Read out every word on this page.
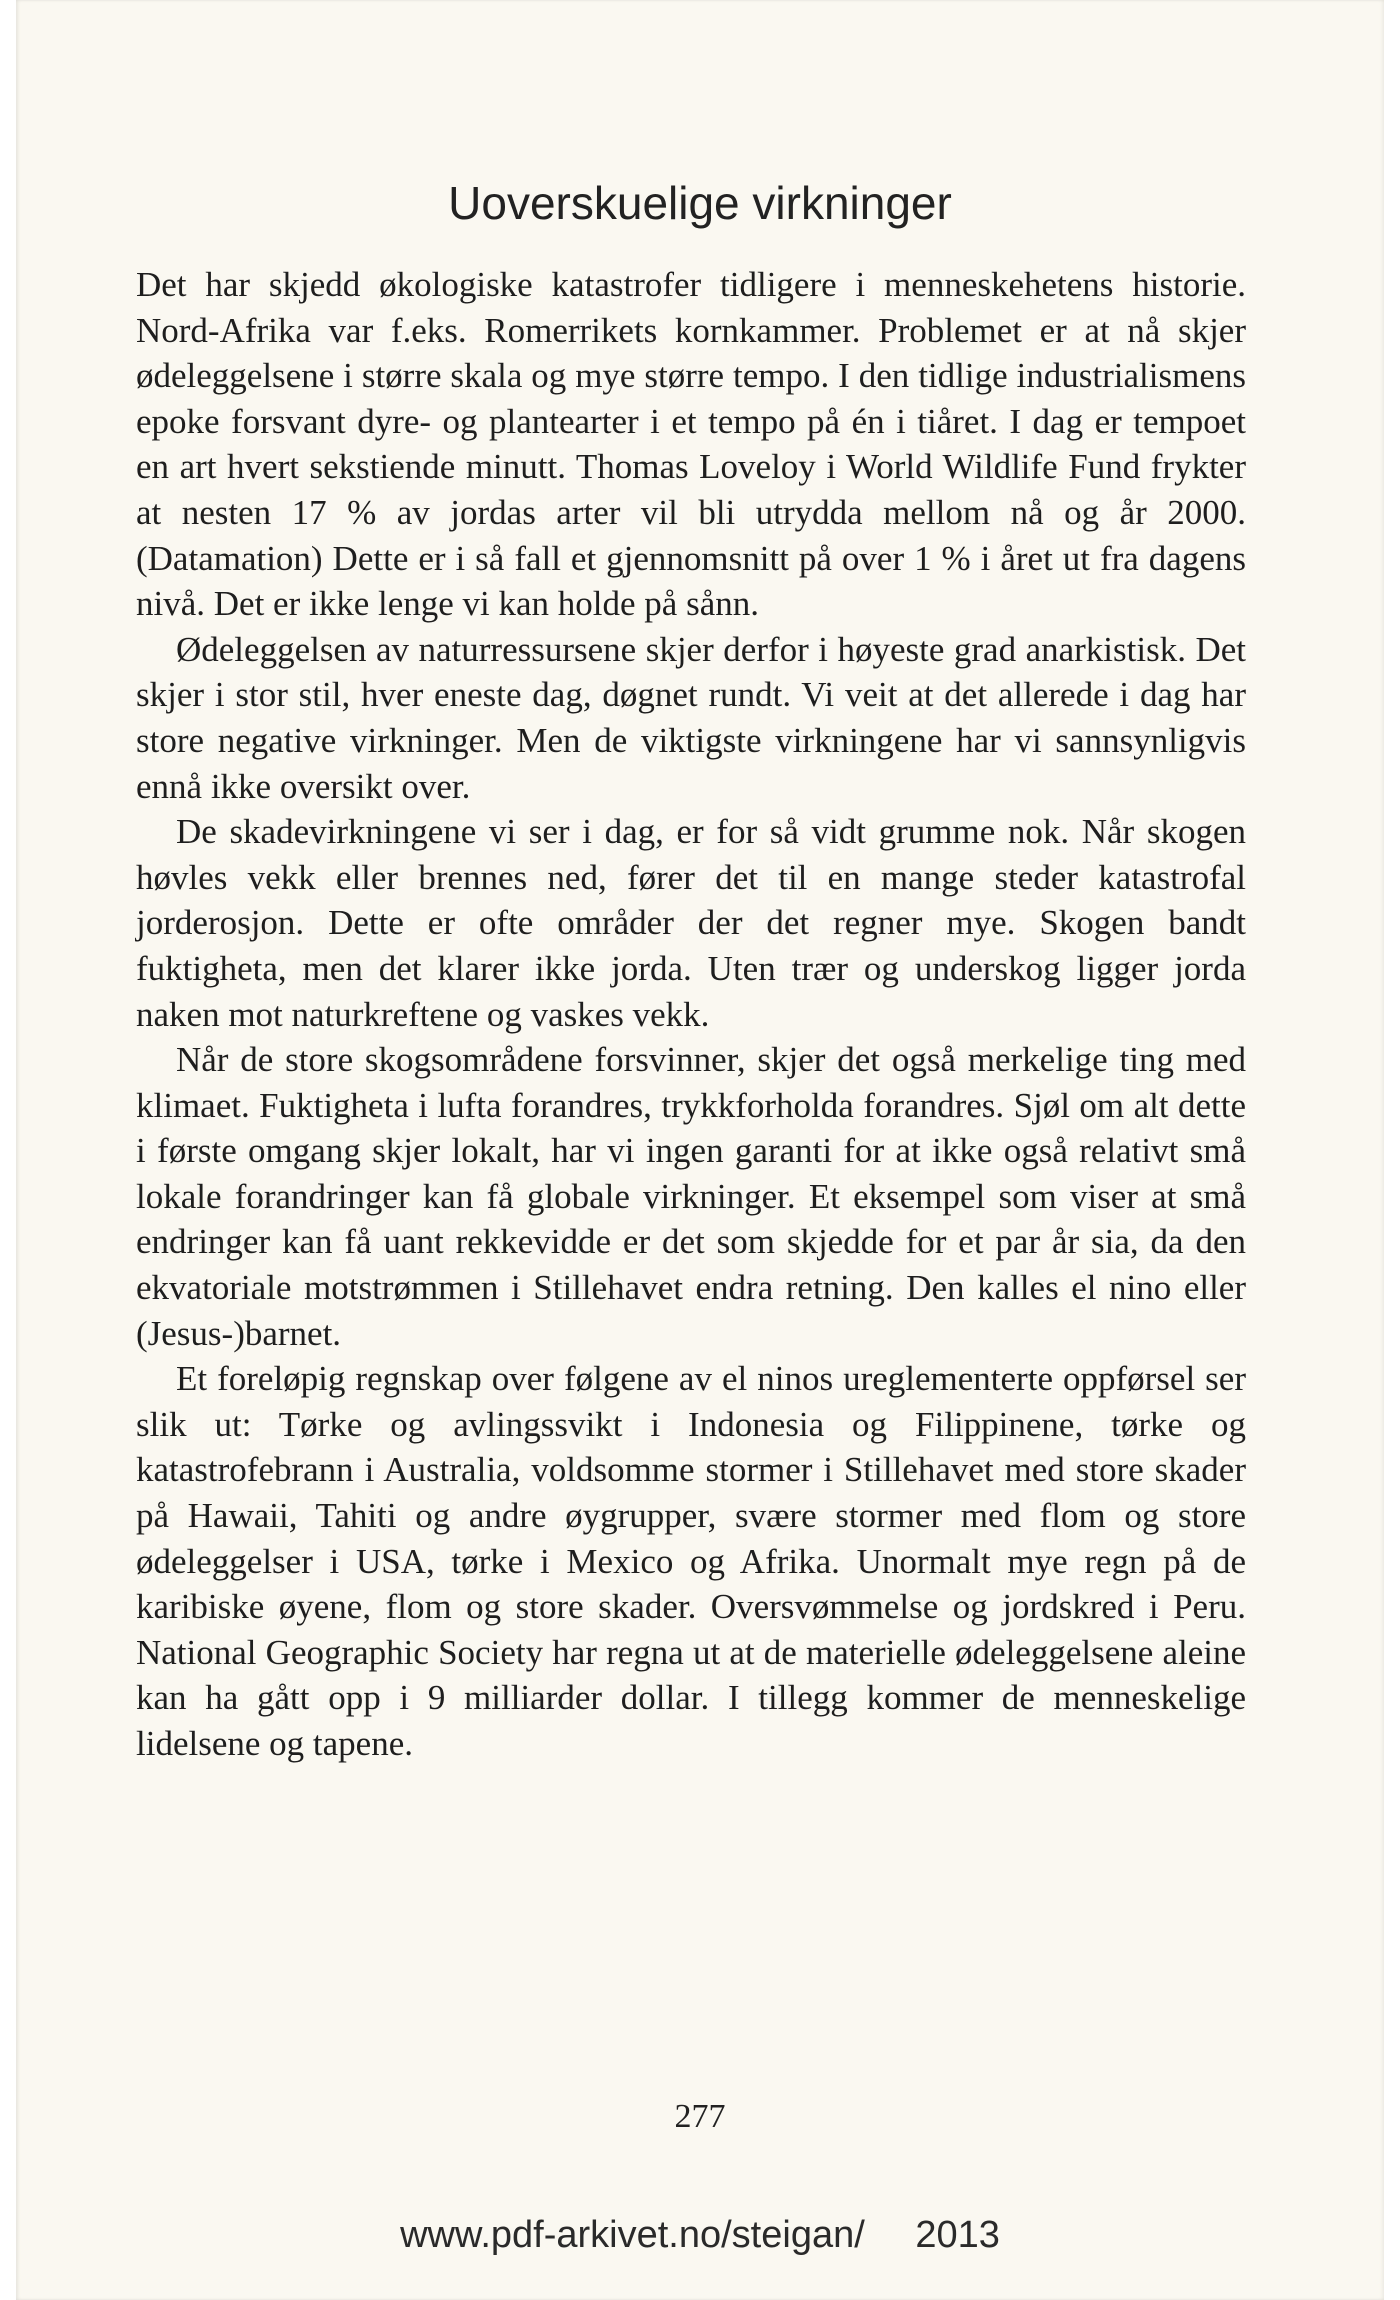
Uoverskuelige virkninger

Det har skjedd økologiske katastrofer tidligere i menneskehetens historie. Nord-Afrika var f.eks. Romerrikets kornkammer. Problemet er at nå skjer ødeleggelsene i større skala og mye større tempo. I den tidlige industrialismens epoke forsvant dyre- og plantearter i et tempo på én i tiåret. I dag er tempoet en art hvert sekstiende minutt. Thomas Loveloy i World Wildlife Fund frykter at nesten 17 % av jordas arter vil bli utrydda mellom nå og år 2000. (Datamation) Dette er i så fall et gjennomsnitt på over 1 % i året ut fra dagens nivå. Det er ikke lenge vi kan holde på sånn.

Ødeleggelsen av naturressursene skjer derfor i høyeste grad anarkistisk. Det skjer i stor stil, hver eneste dag, døgnet rundt. Vi veit at det allerede i dag har store negative virkninger. Men de viktigste virkningene har vi sannsynligvis ennå ikke oversikt over.

De skadevirkningene vi ser i dag, er for så vidt grumme nok. Når skogen høvles vekk eller brennes ned, fører det til en mange steder katastrofal jorderosjon. Dette er ofte områder der det regner mye. Skogen bandt fuktigheta, men det klarer ikke jorda. Uten trær og underskog ligger jorda naken mot naturkreftene og vaskes vekk.

Når de store skogsområdene forsvinner, skjer det også merkelige ting med klimaet. Fuktigheta i lufta forandres, trykkforholda forandres. Sjøl om alt dette i første omgang skjer lokalt, har vi ingen garanti for at ikke også relativt små lokale forandringer kan få globale virkninger. Et eksempel som viser at små endringer kan få uant rekkevidde er det som skjedde for et par år sia, da den ekvatoriale motstrømmen i Stillehavet endra retning. Den kalles el nino eller (Jesus-)barnet.

Et foreløpig regnskap over følgene av el ninos ureglementerte oppførsel ser slik ut: Tørke og avlingssvikt i Indonesia og Filippinene, tørke og katastrofebrann i Australia, voldsomme stormer i Stillehavet med store skader på Hawaii, Tahiti og andre øygrupper, svære stormer med flom og store ødeleggelser i USA, tørke i Mexico og Afrika. Unormalt mye regn på de karibiske øyene, flom og store skader. Oversvømmelse og jordskred i Peru. National Geographic Society har regna ut at de materielle ødeleggelsene aleine kan ha gått opp i 9 milliarder dollar. I tillegg kommer de menneskelige lidelsene og tapene.

277
www.pdf-arkivet.no/steigan/ 2013
